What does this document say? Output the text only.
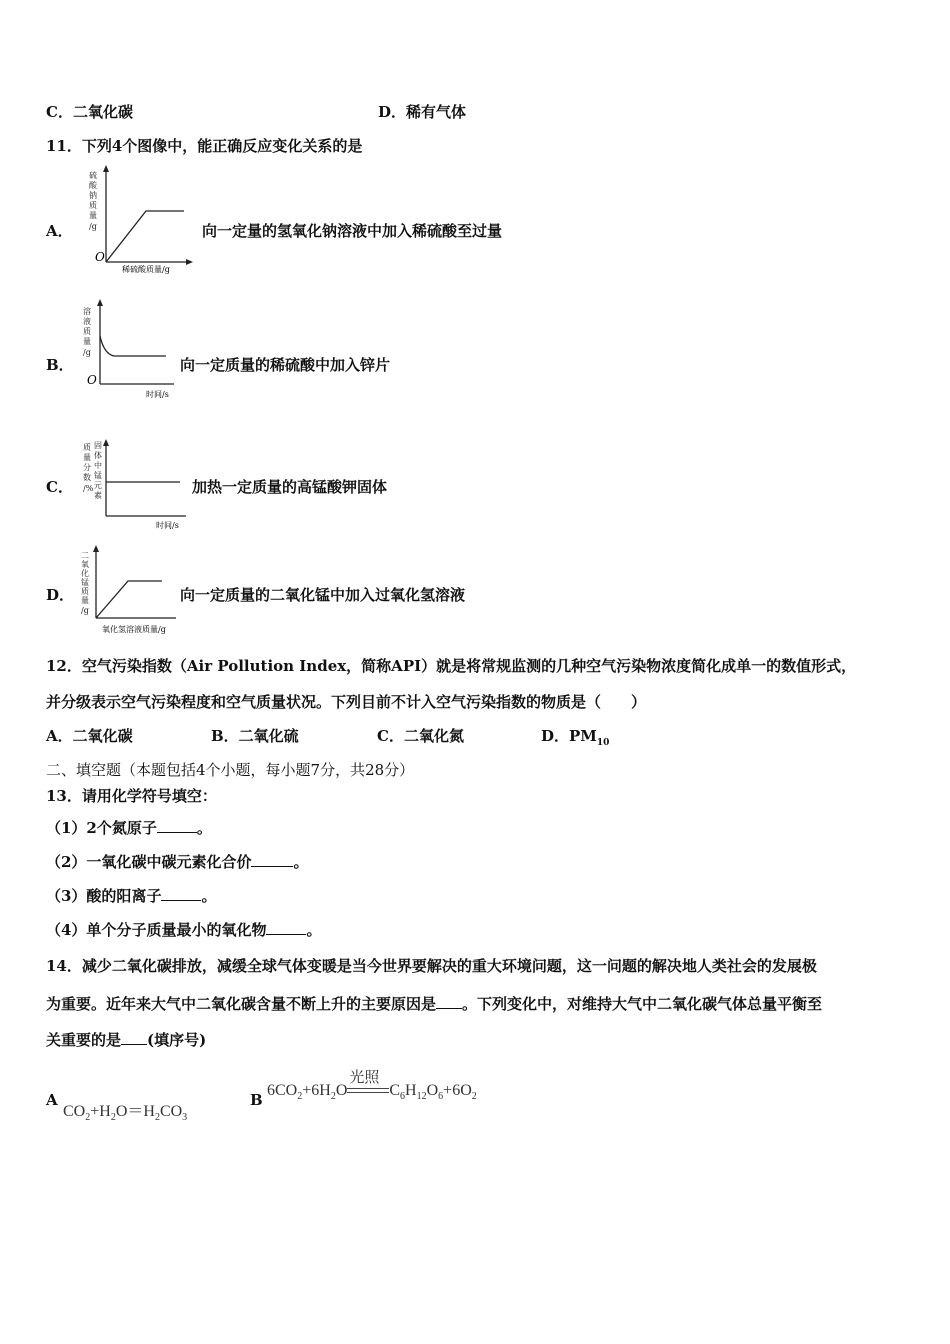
C．二氧化碳	D．稀有气体
11．下列4个图像中，能正确反应变化关系的是
A．
硫
酸
钠
质
量
/g
O
稀硫酸质量/g
向一定量的氢氧化钠溶液中加入稀硫酸至过量
B．
溶
液
质
量
/g
O
时间/s
向一定质量的稀硫酸中加入锌片
C．
质
量
分
数
/%
固
体
中
锰
元
素
时间/s
加热一定质量的高锰酸钾固体
D．
二
氧
化
锰
质
量
/g
氧化氢溶液质量/g
向一定质量的二氧化锰中加入过氧化氢溶液
12．空气污染指数（Air Pollution Index，简称API）就是将常规监测的几种空气污染物浓度简化成单一的数值形式，
并分级表示空气污染程度和空气质量状况。下列目前不计入空气污染指数的物质是（　　）
A．二氧化碳	B．二氧化硫	C．二氧化氮	D．$PM_{10}$
二、填空题（本题包括4个小题，每小题7分，共28分）
13．请用化学符号填空：
（1）2个氮原子	。
（2）一氧化碳中碳元素化合价	。
（3）酸的阳离子	。
（4）单个分子质量最小的氧化物	。
14．减少二氧化碳排放，减缓全球气体变暖是当今世界要解决的重大环境问题，这一问题的解决地人类社会的发展极
为重要。近年来大气中二氧化碳含量不断上升的主要原因是 。下列变化中，对维持大气中二氧化碳气体总量平衡至
关重要的是 (填序号)
A
$CO_2+H_2O=H_2CO_3$
B
$6CO_2+6H_2O$
光照
$C_6H_{12}O_6+6O_2$
